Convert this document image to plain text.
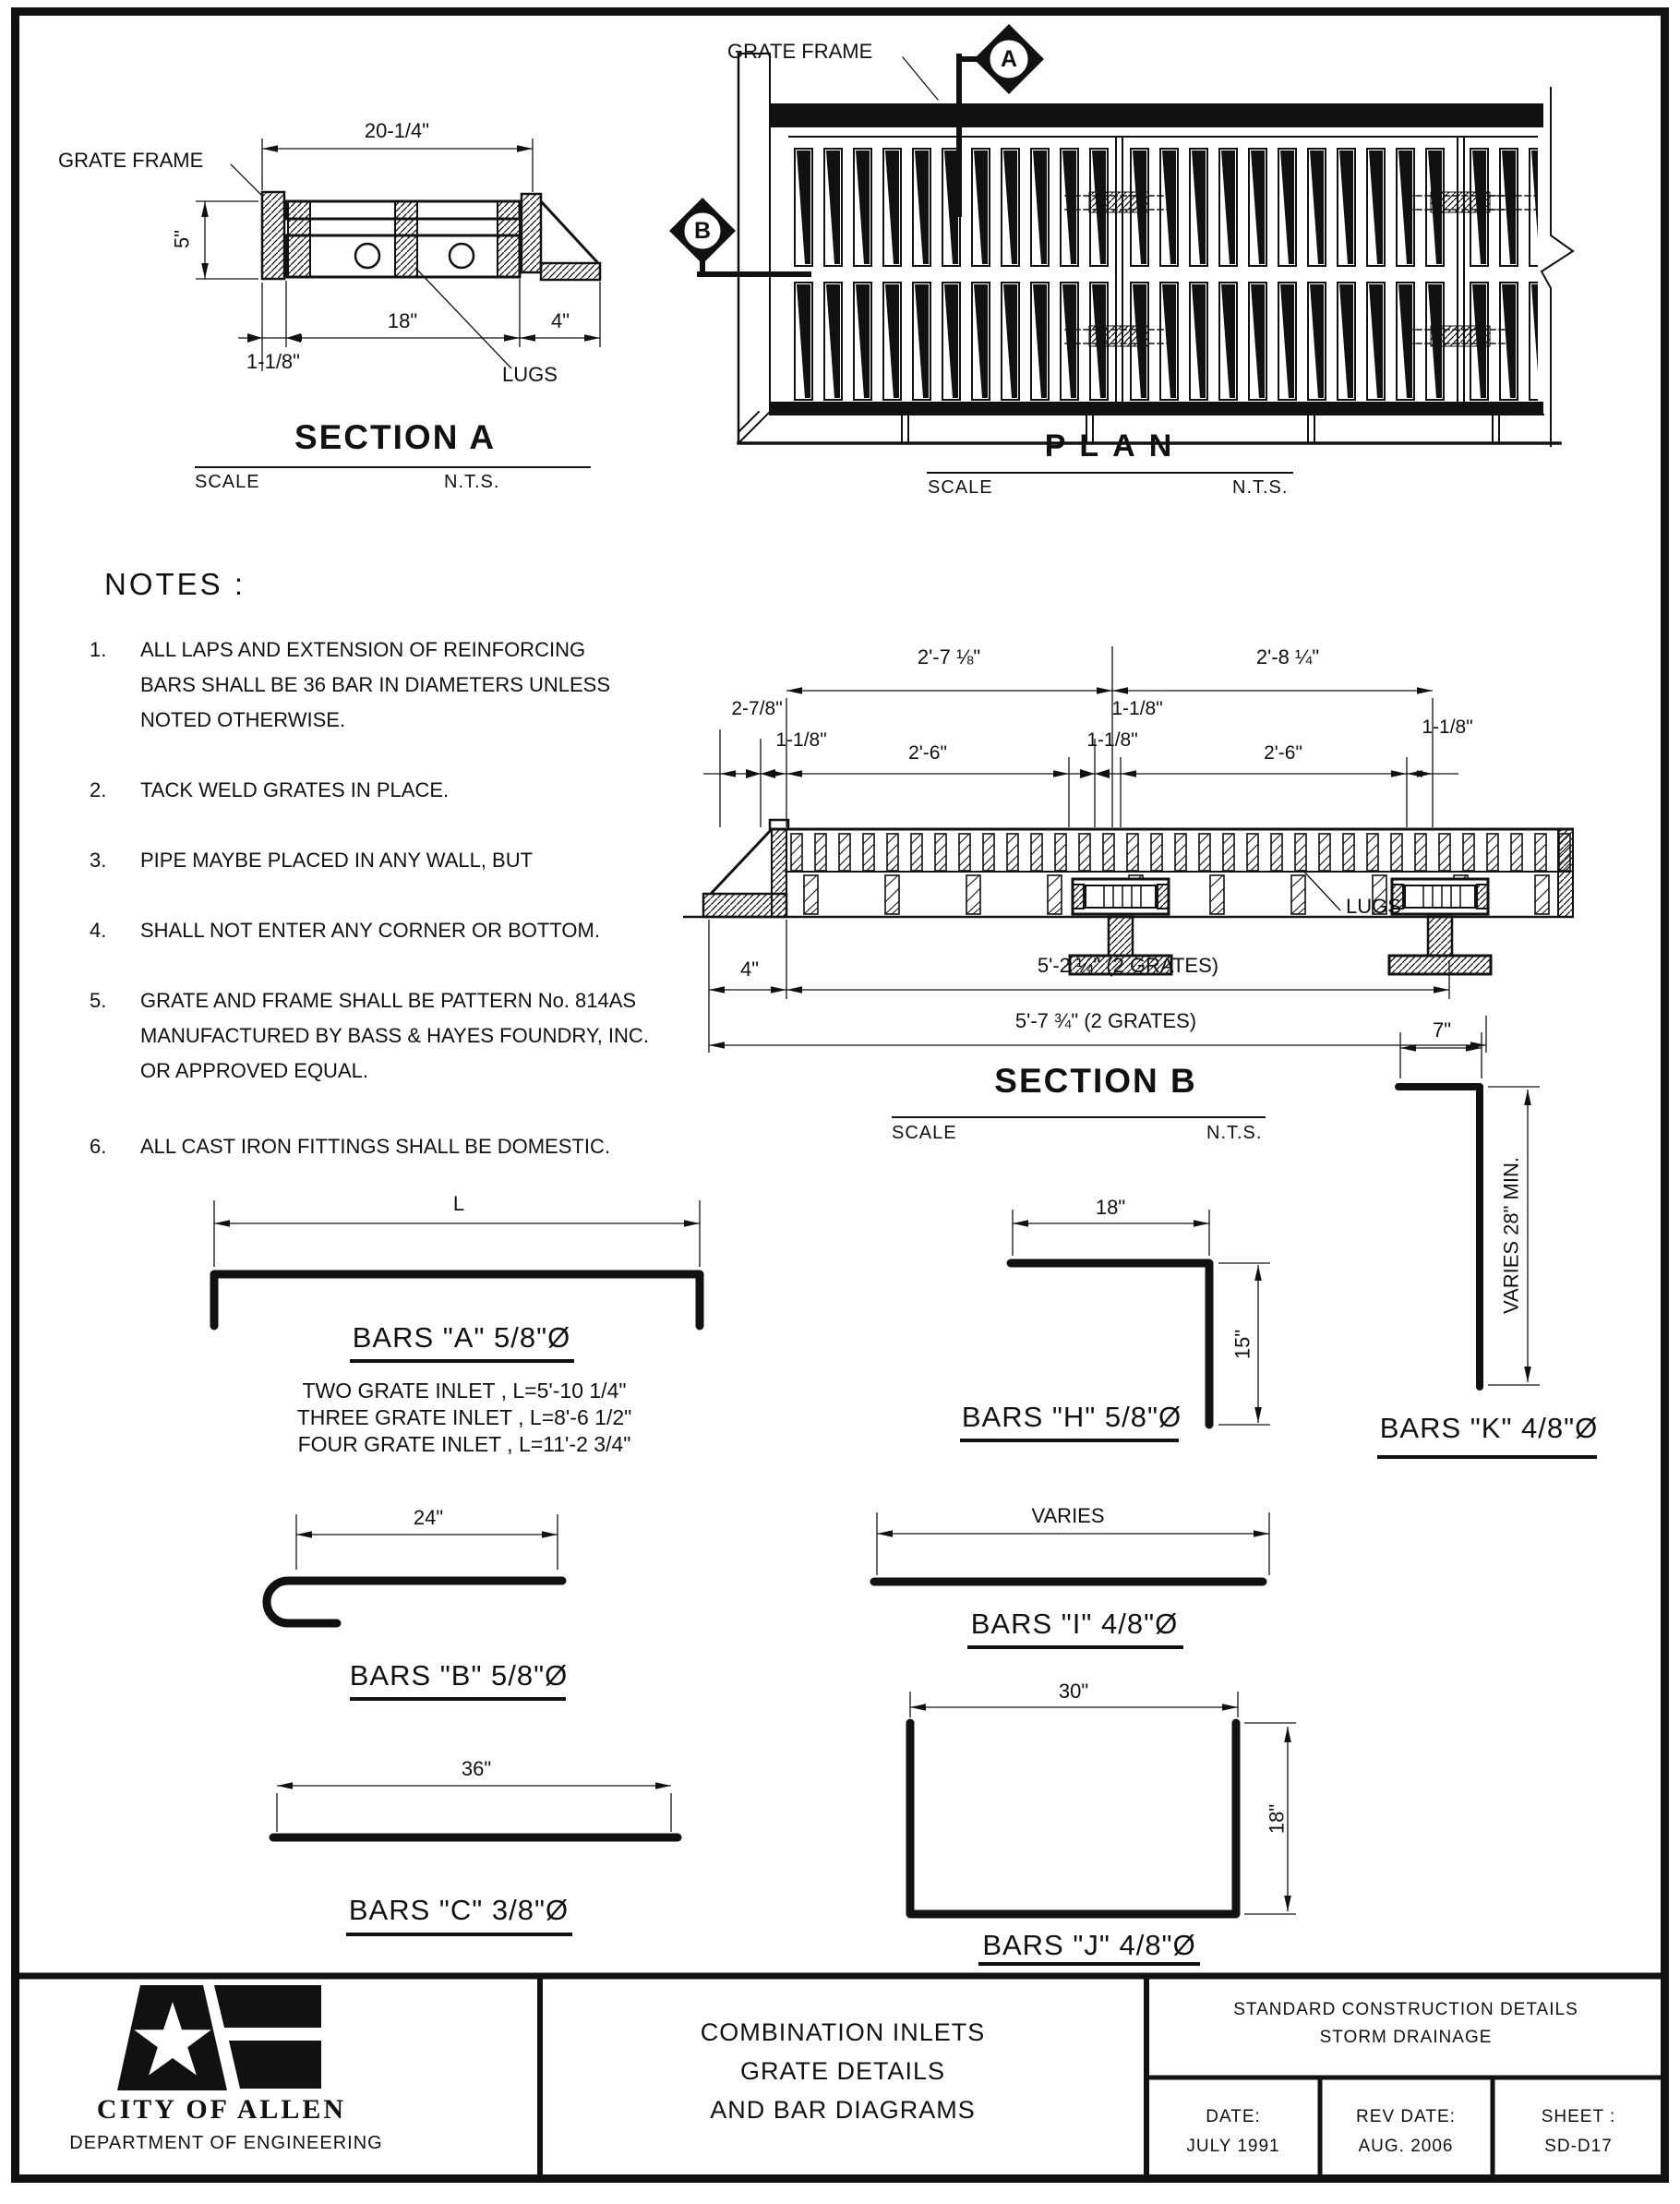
GRATE FRAME
20-1/4"
5"
18"	4"
1-1/8"
LUGS
SECTION A
SCALE	N.T.S.
GRATE FRAME	A
B
PLAN
SCALE	N.T.S.
NOTES :
1. ALL LAPS AND EXTENSION OF REINFORCING
BARS SHALL BE 36 BAR IN DIAMETERS UNLESS
NOTED OTHERWISE.
2. TACK WELD GRATES IN PLACE.
3. PIPE MAYBE PLACED IN ANY WALL, BUT
4. SHALL NOT ENTER ANY CORNER OR BOTTOM.
5. GRATE AND FRAME SHALL BE PATTERN No. 814AS
MANUFACTURED BY BASS & HAYES FOUNDRY, INC.
OR APPROVED EQUAL.
6. ALL CAST IRON FITTINGS SHALL BE DOMESTIC.
2'-7 ⅛"	2'-8 ¼"
2-7/8"
1-1/8"
2'-6"
1-1/8"
1-1/8"
2'-6"
1-1/8"
LUGS
4"	5'-2 ¼" (2 GRATES)
5'-7 ¾" (2 GRATES)
SECTION B
SCALE	N.T.S.
L
BARS "A" 5/8"Ø
TWO GRATE INLET , L=5'-10 1/4"
THREE GRATE INLET , L=8'-6 1/2"
FOUR GRATE INLET , L=11'-2 3/4"
24"
BARS "B" 5/8"Ø
36"
BARS "C" 3/8"Ø
18"
15"
BARS "H" 5/8"Ø
7"
VARIES 28" MIN.
BARS "K" 4/8"Ø
VARIES
BARS "I" 4/8"Ø
30"
18"
BARS "J" 4/8"Ø
CITY OF ALLEN
DEPARTMENT OF ENGINEERING
COMBINATION INLETS
GRATE DETAILS
AND BAR DIAGRAMS
STANDARD CONSTRUCTION DETAILS
STORM DRAINAGE
DATE:
JULY 1991
REV DATE:
AUG. 2006
SHEET :
SD-D17
